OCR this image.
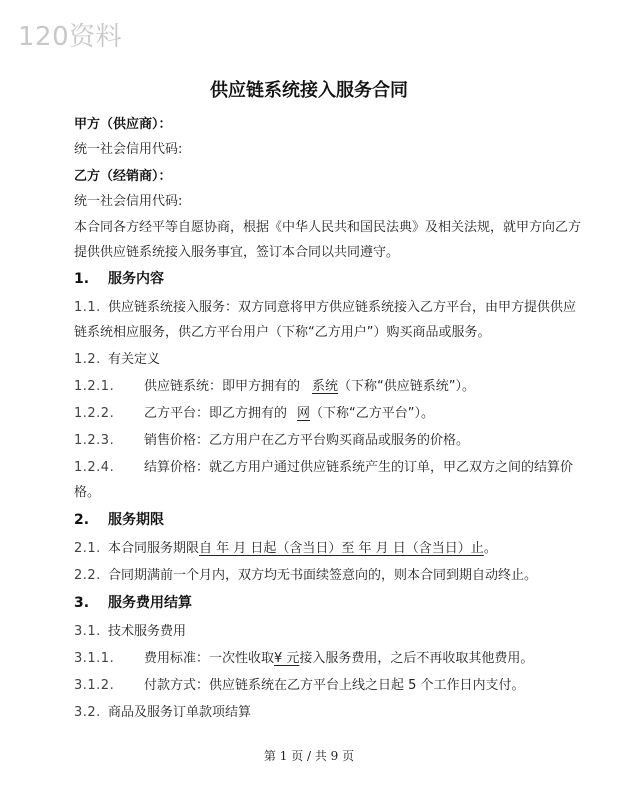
120资料
供应链系统接入服务合同
甲方（供应商）：
统一社会信用代码:
乙方（经销商）：
统一社会信用代码:
本合同各方经平等自愿协商，根据《中华人民共和国民法典》及相关法规，就甲方向乙方
提供供应链系统接入服务事宜，签订本合同以共同遵守。
1. 服务内容
1.1. 供应链系统接入服务：双方同意将甲方供应链系统接入乙方平台，由甲方提供供应
链系统相应服务，供乙方平台用户（下称“乙方用户”）购买商品或服务。
1.2. 有关定义
1.2.1. 供应链系统：即甲方拥有的 系统（下称“供应链系统”）。
1.2.2. 乙方平台：即乙方拥有的 网（下称“乙方平台”）。
1.2.3. 销售价格：乙方用户在乙方平台购买商品或服务的价格。
1.2.4. 结算价格：就乙方用户通过供应链系统产生的订单，甲乙双方之间的结算价
格。
2. 服务期限
2.1. 本合同服务期限自 年 月 日起（含当日）至 年 月 日（含当日）止。
2.2. 合同期满前一个月内，双方均无书面续签意向的，则本合同到期自动终止。
3. 服务费用结算
3.1. 技术服务费用
3.1.1. 费用标准：一次性收取¥ 元接入服务费用，之后不再收取其他费用。
3.1.2. 付款方式：供应链系统在乙方平台上线之日起 5 个工作日内支付。
3.2. 商品及服务订单款项结算
第 1 页 / 共 9 页
